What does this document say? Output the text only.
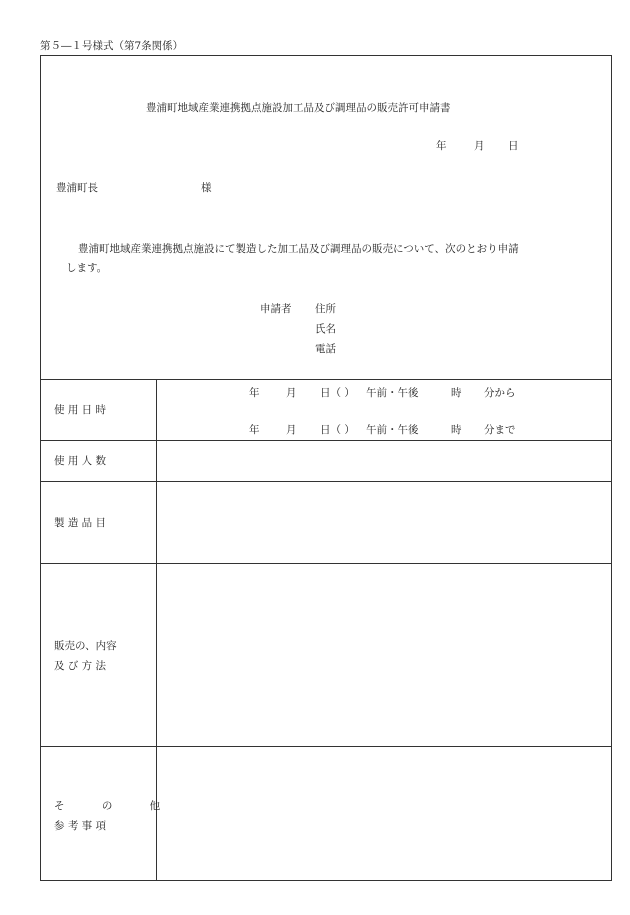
第５―１号様式（第7条関係）
豊浦町地域産業連携拠点施設加工品及び調理品の販売許可申請書
年	月 日
豊浦町長	様
豊浦町地域産業連携拠点施設にて製造した加工品及び調理品の販売について、次のとおり申請
します。
申請者 住所
氏名
電話
使 用 日 時
年	月 日（ ） 午前・午後	時 分から
年	月 日（ ） 午前・午後	時 分まで
使 用 人 数
製 造 品 目
販売の、内容
及 び 方 法
そ の 他
参 考 事 項
